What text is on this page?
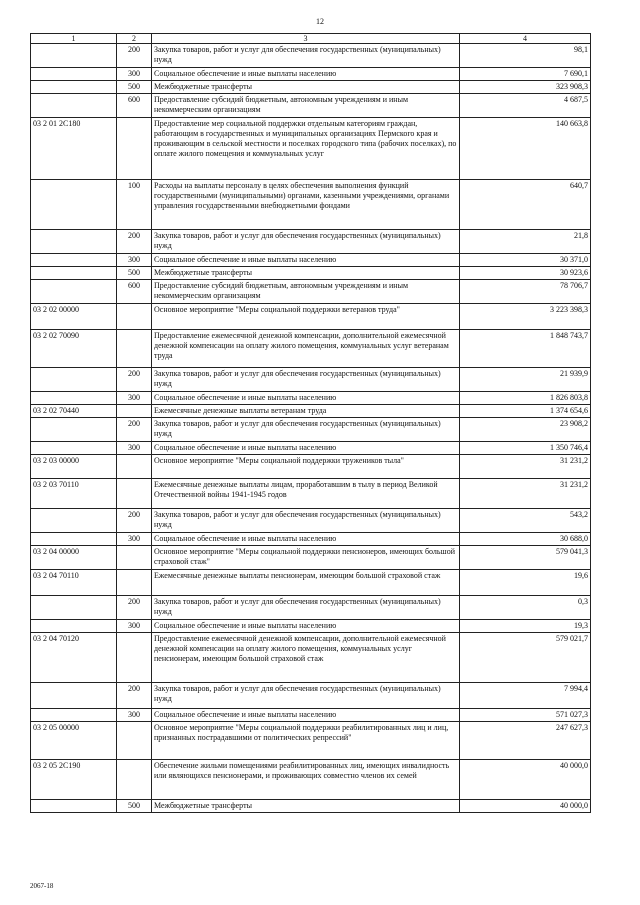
12
1	2	3	4
	200	Закупка товаров, работ и услуг для обеспечения государственных (муниципальных) нужд	98,1
	300	Социальное обеспечение и иные выплаты населению	7 690,1
	500	Межбюджетные трансферты	323 908,3
	600	Предоставление субсидий бюджетным, автономным учреждениям и иным некоммерческим организациям	4 687,5
03 2 01 2С180		Предоставление мер социальной поддержки отдельным категориям граждан, работающим в государственных и муниципальных организациях Пермского края и проживающим в сельской местности и поселках городского типа (рабочих поселках), по оплате жилого помещения и коммунальных услуг	140 663,8
	100	Расходы на выплаты персоналу в целях обеспечения выполнения функций государственными (муниципальными) органами, казенными учреждениями, органами управления государственными внебюджетными фондами	640,7
	200	Закупка товаров, работ и услуг для обеспечения государственных (муниципальных) нужд	21,8
	300	Социальное обеспечение и иные выплаты населению	30 371,0
	500	Межбюджетные трансферты	30 923,6
	600	Предоставление субсидий бюджетным, автономным учреждениям и иным некоммерческим организациям	78 706,7
03 2 02 00000		Основное мероприятие "Меры социальной поддержки ветеранов труда"	3 223 398,3
03 2 02 70090		Предоставление ежемесячной денежной компенсации, дополнительной ежемесячной денежной компенсации на оплату жилого помещения, коммунальных услуг ветеранам труда	1 848 743,7
	200	Закупка товаров, работ и услуг для обеспечения государственных (муниципальных) нужд	21 939,9
	300	Социальное обеспечение и иные выплаты населению	1 826 803,8
03 2 02 70440		Ежемесячные денежные выплаты ветеранам труда	1 374 654,6
	200	Закупка товаров, работ и услуг для обеспечения государственных (муниципальных) нужд	23 908,2
	300	Социальное обеспечение и иные выплаты населению	1 350 746,4
03 2 03 00000		Основное мероприятие "Меры социальной поддержки тружеников тыла"	31 231,2
03 2 03 70110		Ежемесячные денежные выплаты лицам, проработавшим в тылу в период Великой Отечественной войны 1941-1945 годов	31 231,2
	200	Закупка товаров, работ и услуг для обеспечения государственных (муниципальных) нужд	543,2
	300	Социальное обеспечение и иные выплаты населению	30 688,0
03 2 04 00000		Основное мероприятие "Меры социальной поддержки пенсионеров, имеющих большой страховой стаж"	579 041,3
03 2 04 70110		Ежемесячные денежные выплаты пенсионерам, имеющим большой страховой стаж	19,6
	200	Закупка товаров, работ и услуг для обеспечения государственных (муниципальных) нужд	0,3
	300	Социальное обеспечение и иные выплаты населению	19,3
03 2 04 70120		Предоставление ежемесячной денежной компенсации, дополнительной ежемесячной денежной компенсации на оплату жилого помещения, коммунальных услуг пенсионерам, имеющим большой страховой стаж	579 021,7
	200	Закупка товаров, работ и услуг для обеспечения государственных (муниципальных) нужд	7 994,4
	300	Социальное обеспечение и иные выплаты населению	571 027,3
03 2 05 00000		Основное мероприятие "Меры социальной поддержки реабилитированных лиц и лиц, признанных пострадавшими от политических репрессий"	247 627,3
03 2 05 2С190		Обеспечение жильми помещениями реабилитированных лиц, имеющих инвалидность или являющихся пенсионерами, и проживающих совместно членов их семей	40 000,0
	500	Межбюджетные трансферты	40 000,0
2067-18
